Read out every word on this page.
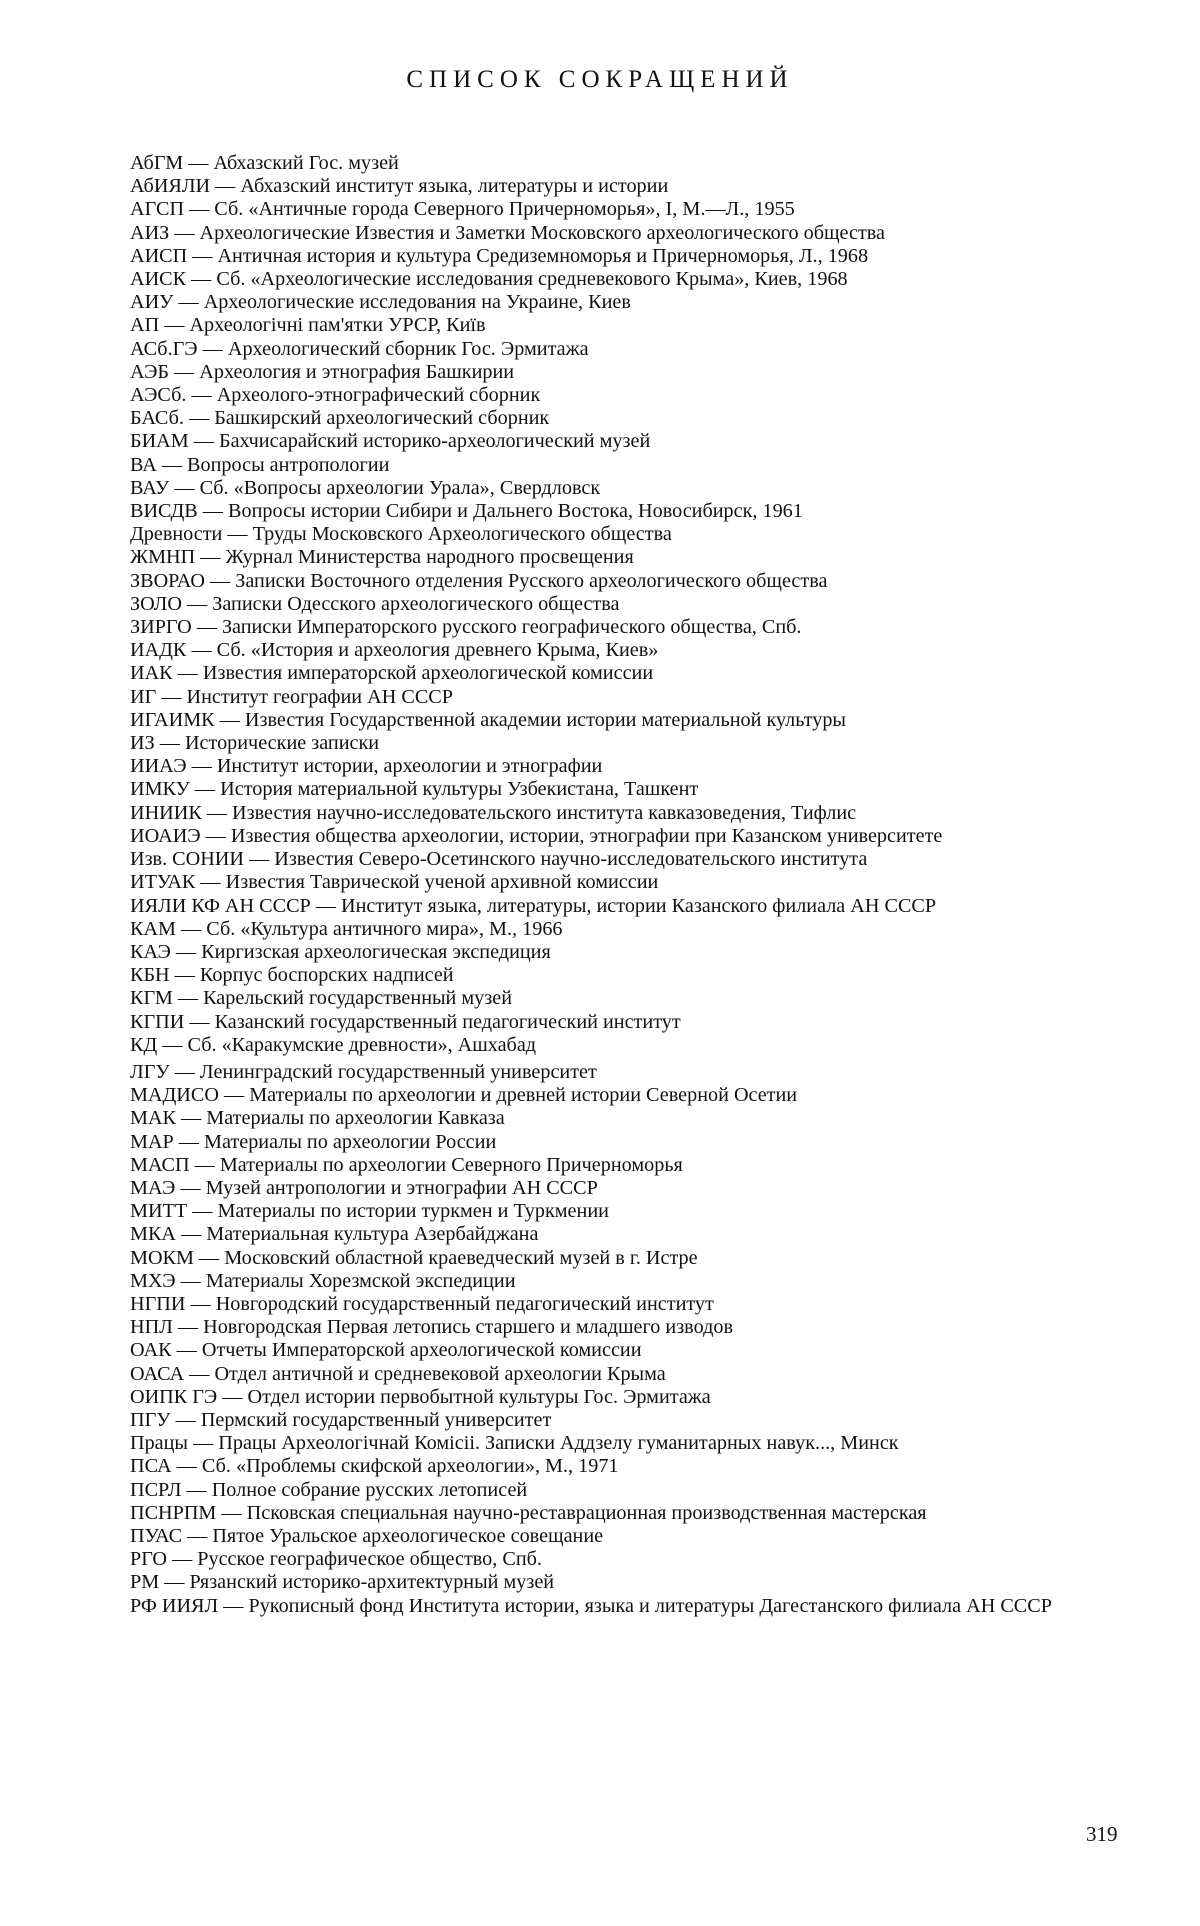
СПИСОК СОКРАЩЕНИЙ
АбГМ — Абхазский Гос. музей
АбИЯЛИ — Абхазский институт языка, литературы и истории
АГСП — Сб. «Античные города Северного Причерноморья», I, М.—Л., 1955
АИЗ — Археологические Известия и Заметки Московского археологического общества
АИСП — Античная история и культура Средиземноморья и Причерноморья, Л., 1968
АИСК — Сб. «Археологические исследования средневекового Крыма», Киев, 1968
АИУ — Археологические исследования на Украине, Киев
АП — Археологічні пам'ятки УРСР, Київ
АСб.ГЭ — Археологический сборник Гос. Эрмитажа
АЭБ — Археология и этнография Башкирии
АЭСб. — Археолого-этнографический сборник
БАСб. — Башкирский археологический сборник
БИАМ — Бахчисарайский историко-археологический музей
ВА — Вопросы антропологии
ВАУ — Сб. «Вопросы археологии Урала», Свердловск
ВИСДВ — Вопросы истории Сибири и Дальнего Востока, Новосибирск, 1961
Древности — Труды Московского Археологического общества
ЖМНП — Журнал Министерства народного просвещения
ЗВОРАО — Записки Восточного отделения Русского археологического общества
ЗОЛО — Записки Одесского археологического общества
ЗИРГО — Записки Императорского русского географического общества, Спб.
ИАДК — Сб. «История и археология древнего Крыма, Киев»
ИАК — Известия императорской археологической комиссии
ИГ — Институт географии АН СССР
ИГАИМК — Известия Государственной академии истории материальной культуры
ИЗ — Исторические записки
ИИАЭ — Институт истории, археологии и этнографии
ИМКУ — История материальной культуры Узбекистана, Ташкент
ИНИИК — Известия научно-исследовательского института кавказоведения, Тифлис
ИОАИЭ — Известия общества археологии, истории, этнографии при Казанском университете
Изв. СОНИИ — Известия Северо-Осетинского научно-исследовательского института
ИТУАК — Известия Таврической ученой архивной комиссии
ИЯЛИ КФ АН СССР — Институт языка, литературы, истории Казанского филиала АН СССР
КАМ — Сб. «Культура античного мира», М., 1966
КАЭ — Киргизская археологическая экспедиция
КБН — Корпус боспорских надписей
КГМ — Карельский государственный музей
КГПИ — Казанский государственный педагогический институт
КД — Сб. «Каракумские древности», Ашхабад
ЛГУ — Ленинградский государственный университет
МАДИСО — Материалы по археологии и древней истории Северной Осетии
МАК — Материалы по археологии Кавказа
МАР — Материалы по археологии России
МАСП — Материалы по археологии Северного Причерноморья
МАЭ — Музей антропологии и этнографии АН СССР
МИТТ — Материалы по истории туркмен и Туркмении
МКА — Материальная культура Азербайджана
МОКМ — Московский областной краеведческий музей в г. Истре
МХЭ — Материалы Хорезмской экспедиции
НГПИ — Новгородский государственный педагогический институт
НПЛ — Новгородская Первая летопись старшего и младшего изводов
ОАК — Отчеты Императорской археологической комиссии
ОАСА — Отдел античной и средневековой археологии Крыма
ОИПК ГЭ — Отдел истории первобытной культуры Гос. Эрмитажа
ПГУ — Пермский государственный университет
Працы — Працы Археологічнай Комісіі. Записки Аддзелу гуманитарных навук..., Минск
ПСА — Сб. «Проблемы скифской археологии», М., 1971
ПСРЛ — Полное собрание русских летописей
ПСНРПМ — Псковская специальная научно-реставрационная производственная мастерская
ПУАС — Пятое Уральское археологическое совещание
РГО — Русское географическое общество, Спб.
РМ — Рязанский историко-архитектурный музей
РФ ИИЯЛ — Рукописный фонд Института истории, языка и литературы Дагестанского филиала АН СССР
319
